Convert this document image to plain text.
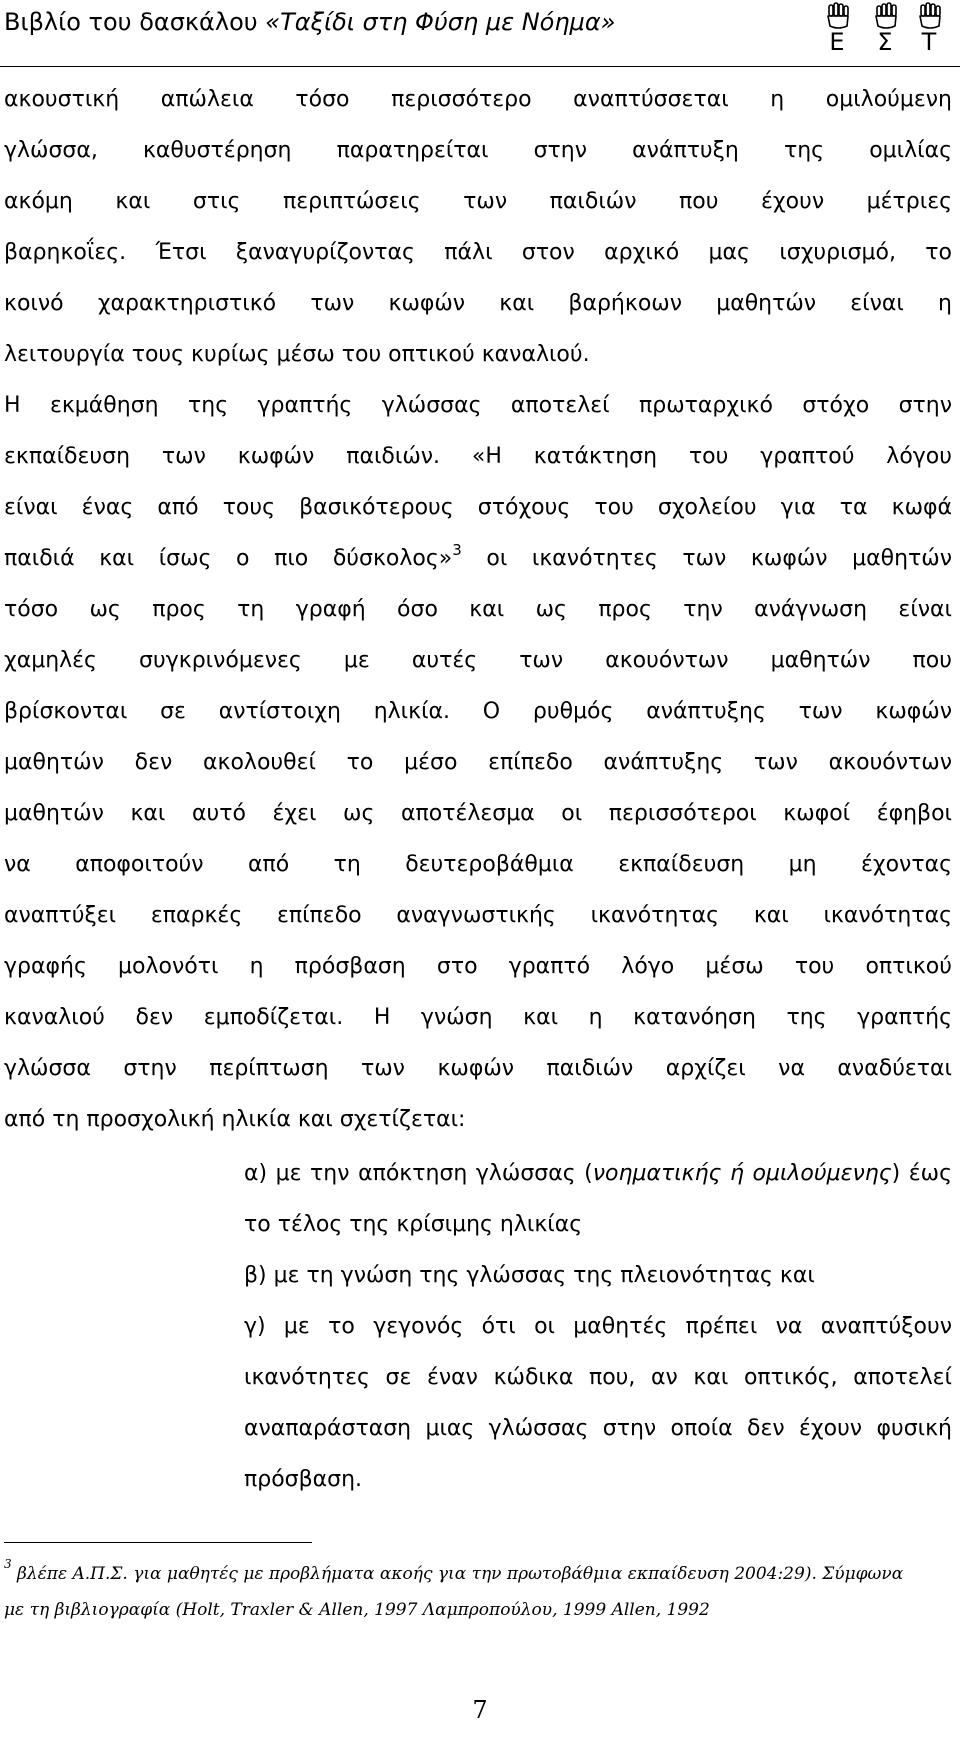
Βιβλίο του δασκάλου «Ταξίδι στη Φύση με Νόημα»
Ε	Σ	Τ
ακουστική απώλεια τόσο περισσότερο αναπτύσσεται η ομιλούμενη
γλώσσα, καθυστέρηση παρατηρείται στην ανάπτυξη της ομιλίας
ακόμη και στις περιπτώσεις των παιδιών που έχουν μέτριες
βαρηκοΐες. Έτσι ξαναγυρίζοντας πάλι στον αρχικό μας ισχυρισμό, το
κοινό χαρακτηριστικό των κωφών και βαρήκοων μαθητών είναι η
λειτουργία τους κυρίως μέσω του οπτικού καναλιού.
Η εκμάθηση της γραπτής γλώσσας αποτελεί πρωταρχικό στόχο στην
εκπαίδευση των κωφών παιδιών. «Η κατάκτηση του γραπτού λόγου
είναι ένας από τους βασικότερους στόχους του σχολείου για τα κωφά
παιδιά και ίσως ο πιο δύσκολος»$^3$ οι ικανότητες των κωφών μαθητών
τόσο ως προς τη γραφή όσο και ως προς την ανάγνωση είναι
χαμηλές συγκρινόμενες με αυτές των ακουόντων μαθητών που
βρίσκονται σε αντίστοιχη ηλικία. Ο ρυθμός ανάπτυξης των κωφών
μαθητών δεν ακολουθεί το μέσο επίπεδο ανάπτυξης των ακουόντων
μαθητών και αυτό έχει ως αποτέλεσμα οι περισσότεροι κωφοί έφηβοι
να αποφοιτούν από τη δευτεροβάθμια εκπαίδευση μη έχοντας
αναπτύξει επαρκές επίπεδο αναγνωστικής ικανότητας και ικανότητας
γραφής μολονότι η πρόσβαση στο γραπτό λόγο μέσω του οπτικού
καναλιού δεν εμποδίζεται. Η γνώση και η κατανόηση της γραπτής
γλώσσα στην περίπτωση των κωφών παιδιών αρχίζει να αναδύεται
από τη προσχολική ηλικία και σχετίζεται:
α) με την απόκτηση γλώσσας (νοηματικής ή ομιλούμενης) έως
το τέλος της κρίσιμης ηλικίας
β) με τη γνώση της γλώσσας της πλειονότητας και
γ) με το γεγονός ότι οι μαθητές πρέπει να αναπτύξουν
ικανότητες σε έναν κώδικα που, αν και οπτικός, αποτελεί
αναπαράσταση μιας γλώσσας στην οποία δεν έχουν φυσική
πρόσβαση.
$^3$ βλέπε Α.Π.Σ. για μαθητές με προβλήματα ακοής για την πρωτοβάθμια εκπαίδευση 2004:29). Σύμφωνα
με τη βιβλιογραφία (Holt, Traxler & Allen, 1997 Λαμπροπούλου, 1999 Allen, 1992
7
